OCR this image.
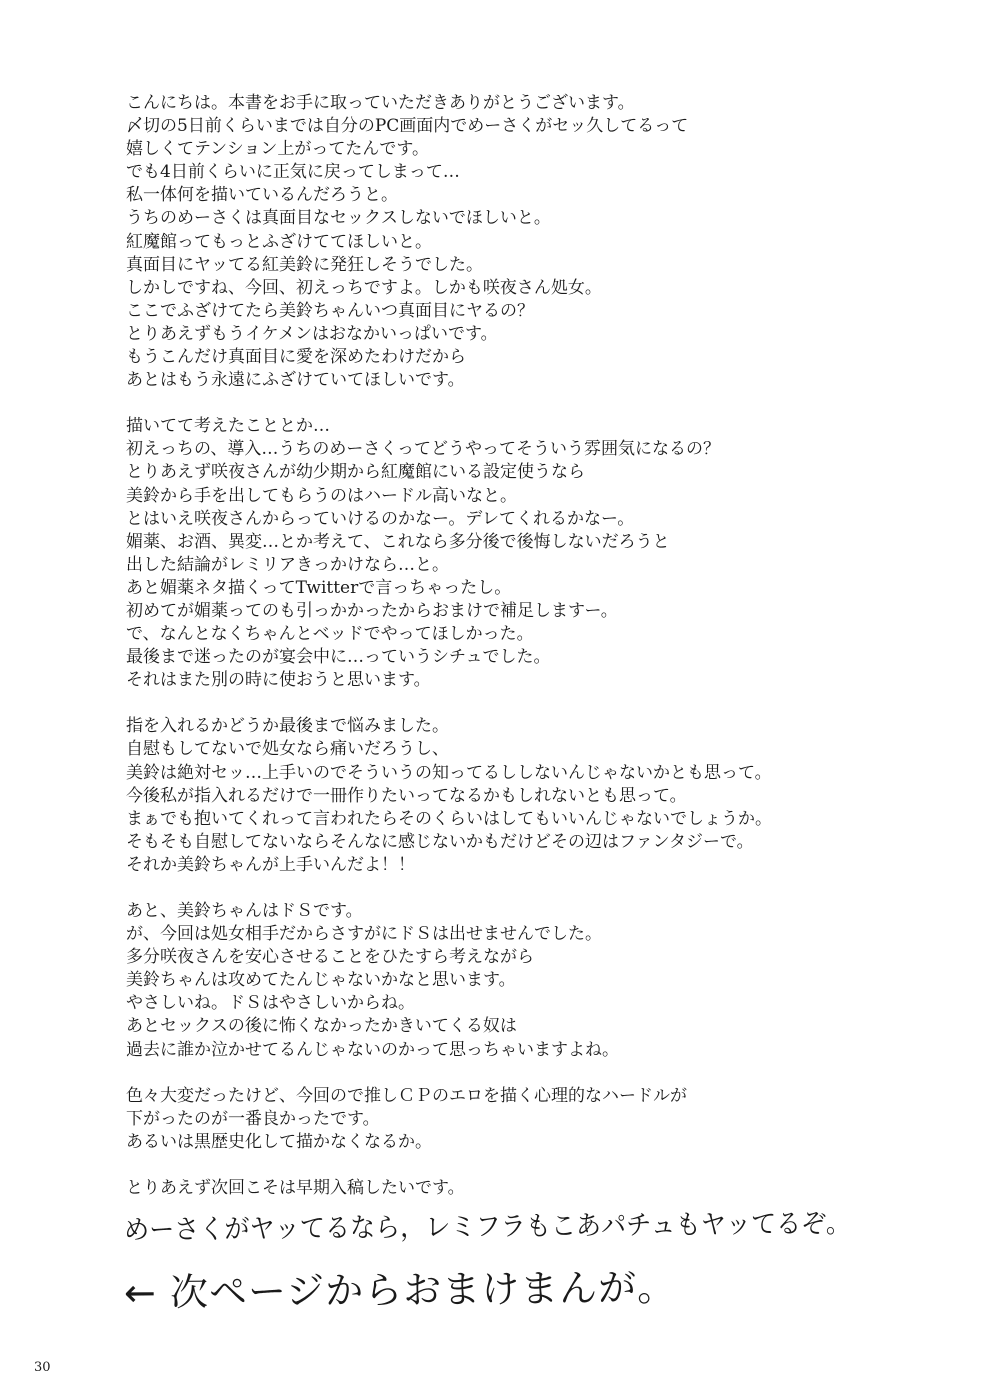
こんにちは。本書をお手に取っていただきありがとうございます。
〆切の5日前くらいまでは自分のPC画面内でめーさくがセッ久してるって
嬉しくてテンション上がってたんです。
でも4日前くらいに正気に戻ってしまって…
私一体何を描いているんだろうと。
うちのめーさくは真面目なセックスしないでほしいと。
紅魔館ってもっとふざけててほしいと。
真面目にヤッてる紅美鈴に発狂しそうでした。
しかしですね、今回、初えっちですよ。しかも咲夜さん処女。
ここでふざけてたら美鈴ちゃんいつ真面目にヤるの？
とりあえずもうイケメンはおなかいっぱいです。
もうこんだけ真面目に愛を深めたわけだから
あとはもう永遠にふざけていてほしいです。
描いてて考えたこととか…
初えっちの、導入…うちのめーさくってどうやってそういう雰囲気になるの？
とりあえず咲夜さんが幼少期から紅魔館にいる設定使うなら
美鈴から手を出してもらうのはハードル高いなと。
とはいえ咲夜さんからっていけるのかなー。デレてくれるかなー。
媚薬、お酒、異変…とか考えて、これなら多分後で後悔しないだろうと
出した結論がレミリアきっかけなら…と。
あと媚薬ネタ描くってTwitterで言っちゃったし。
初めてが媚薬ってのも引っかかったからおまけで補足しますー。
で、なんとなくちゃんとベッドでやってほしかった。
最後まで迷ったのが宴会中に…っていうシチュでした。
それはまた別の時に使おうと思います。
指を入れるかどうか最後まで悩みました。
自慰もしてないで処女なら痛いだろうし、
美鈴は絶対セッ…上手いのでそういうの知ってるししないんじゃないかとも思って。
今後私が指入れるだけで一冊作りたいってなるかもしれないとも思って。
まぁでも抱いてくれって言われたらそのくらいはしてもいいんじゃないでしょうか。
そもそも自慰してないならそんなに感じないかもだけどその辺はファンタジーで。
それか美鈴ちゃんが上手いんだよ！！
あと、美鈴ちゃんはドＳです。
が、今回は処女相手だからさすがにドＳは出せませんでした。
多分咲夜さんを安心させることをひたすら考えながら
美鈴ちゃんは攻めてたんじゃないかなと思います。
やさしいね。ドＳはやさしいからね。
あとセックスの後に怖くなかったかきいてくる奴は
過去に誰か泣かせてるんじゃないのかって思っちゃいますよね。
色々大変だったけど、今回ので推しＣＰのエロを描く心理的なハードルが
下がったのが一番良かったです。
あるいは黒歴史化して描かなくなるか。
とりあえず次回こそは早期入稿したいです。
めーさくがヤッてるなら，レミフラもこあパチュもヤッてるぞ。
← 次ページからおまけまんが。
30
